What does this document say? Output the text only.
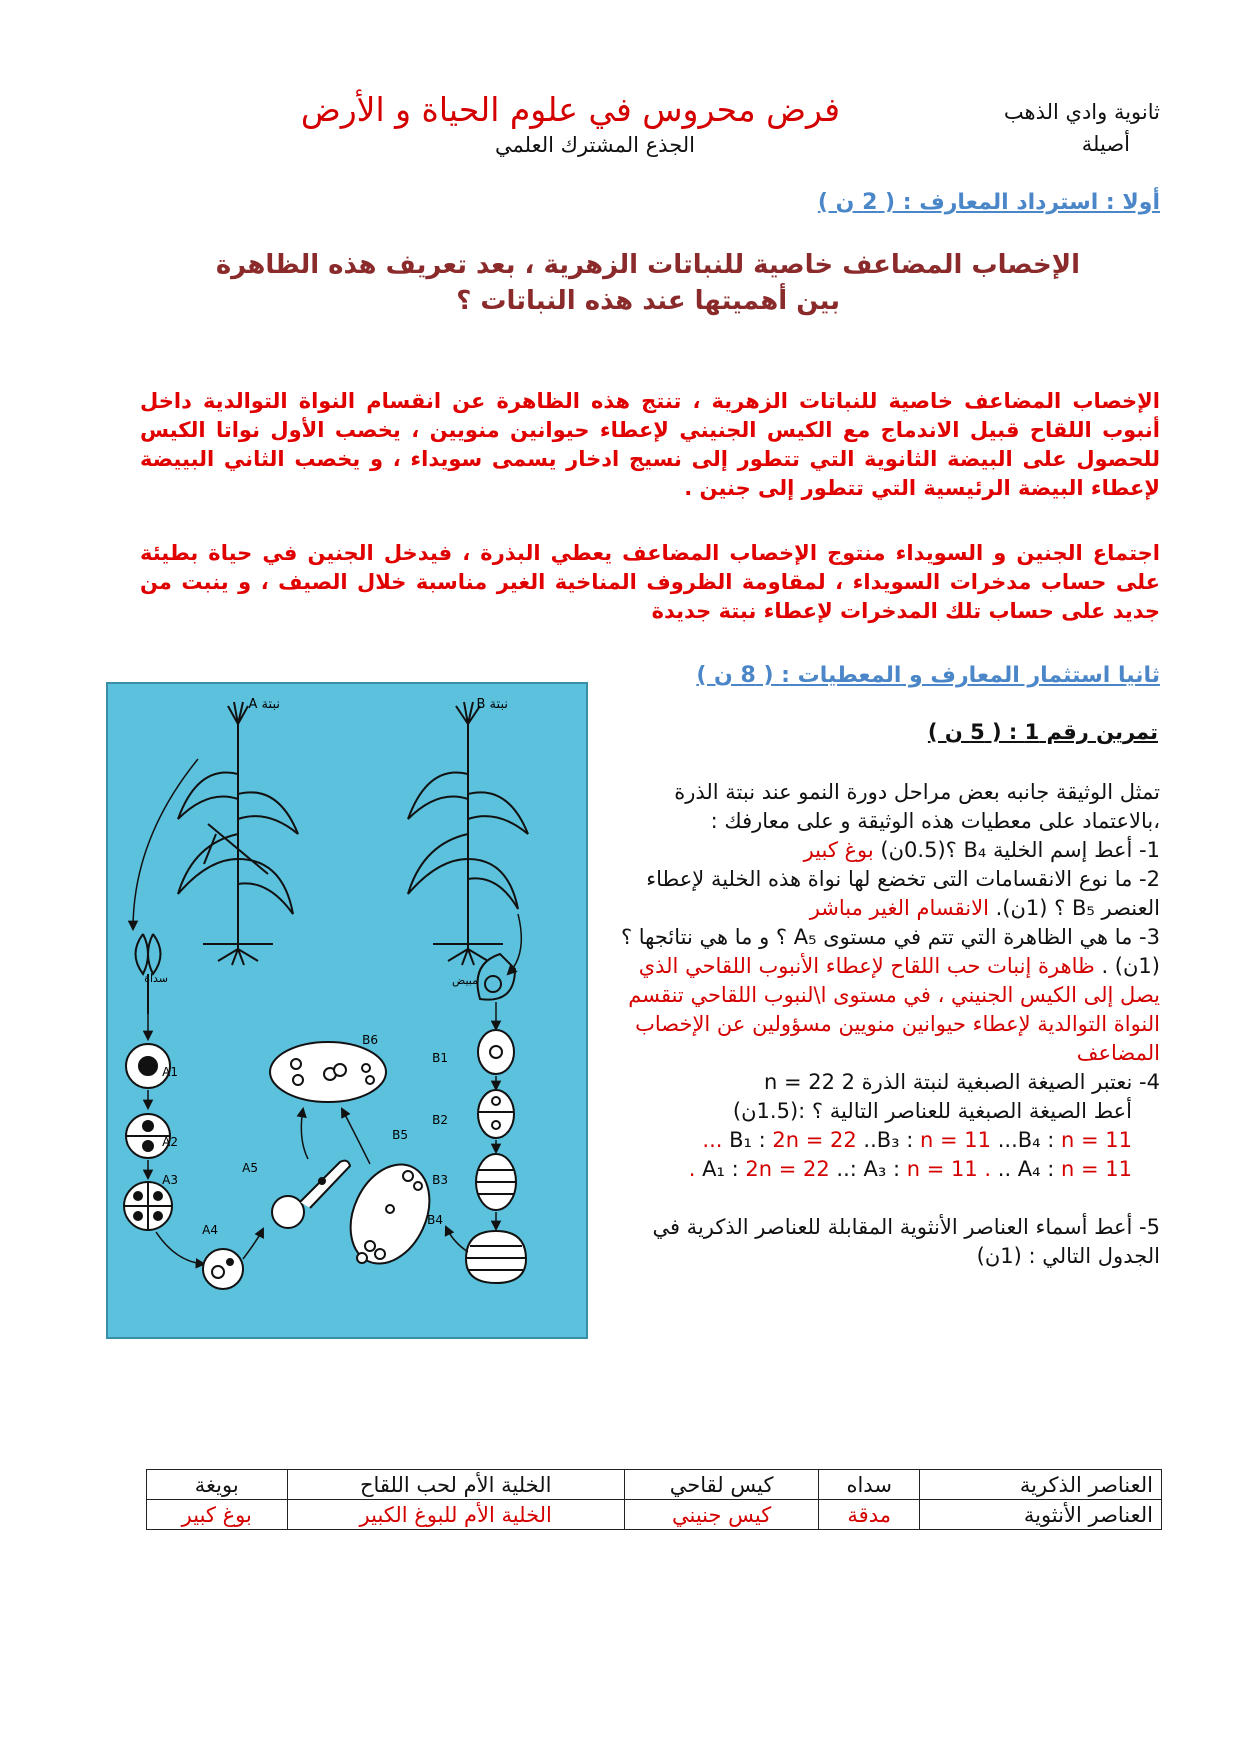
ثانوية وادي الذهب
أصيلة
فرض محروس في علوم الحياة و الأرض
الجذع المشترك العلمي
أولا : استرداد المعارف : ( 2 ن )
الإخصاب المضاعف خاصية للنباتات الزهرية ، بعد تعريف هذه الظاهرة
بين أهميتها عند هذه النباتات ؟
الإخصاب المضاعف خاصية للنباتات الزهرية ، تنتج هذه الظاهرة عن انقسام النواة التوالدية داخل أنبوب اللقاح قبيل الاندماج مع الكيس الجنيني لإعطاء حيوانين منويين ، يخصب الأول نواتا الكيس للحصول على البيضة الثانوية التي تتطور إلى نسيج ادخار يسمى سويداء ، و يخصب الثاني البييضة لإعطاء البيضة الرئيسية التي تتطور إلى جنين .
اجتماع الجنين و السويداء منتوج الإخصاب المضاعف يعطي البذرة ، فيدخل الجنين في حياة بطيئة على حساب مدخرات السويداء ، لمقاومة الظروف المناخية الغير مناسبة خلال الصيف ، و ينبت من جديد على حساب تلك المدخرات لإعطاء نبتة جديدة
ثانيا استثمار المعارف و المعطيات : ( 8 ن )
تمرين رقم 1 : ( 5 ن )
تمثل الوثيقة جانبه بعض مراحل دورة النمو عند نبتة الذرة ،بالاعتماد على معطيات هذه الوثيقة و على معارفك :
1- أعط إسم الخلية B₄ ؟(0.5ن) بوغ كبير
2- ما نوع الانقسامات التى تخضع لها نواة هذه الخلية لإعطاء العنصر B₅ ؟ (1ن). الانقسام الغير مباشر
3- ما هي الظاهرة التي تتم في مستوى A₅ ؟ و ما هي نتائجها ؟(1ن) . ظاهرة إنبات حب اللقاح لإعطاء الأنبوب اللقاحي الذي يصل إلى الكيس الجنيني ، في مستوى ا\لنبوب اللقاحي تنقسم النواة التوالدية لإعطاء حيوانين منويين مسؤولين عن الإخصاب المضاعف
4- نعتبر الصيغة الصبغية لنبتة الذرة 2 n = 22
أعط الصيغة الصبغية للعناصر التالية ؟ :(1.5ن)
B₁ : 2n = 22 ..B₃ : n = 11 ...B₄ : n = 11 ...
A₁ : 2n = 22 ..: A₃ : n = 11 . .. A₄ : n = 11 .
5- أعط أسماء العناصر الأنثوية المقابلة للعناصر الذكرية في الجدول التالي : (1ن)
نبتة A	نبتة B
سداة	مبيض
A1
A2
A3
A4
A5
B1
B2
B3
B4
B5
B6
العناصر الذكرية	سداه	كيس لقاحي	الخلية الأم لحب اللقاح	بويغة
العناصر الأنثوية	مدقة	كيس جنيني	الخلية الأم للبوغ الكبير	بوغ كبير
